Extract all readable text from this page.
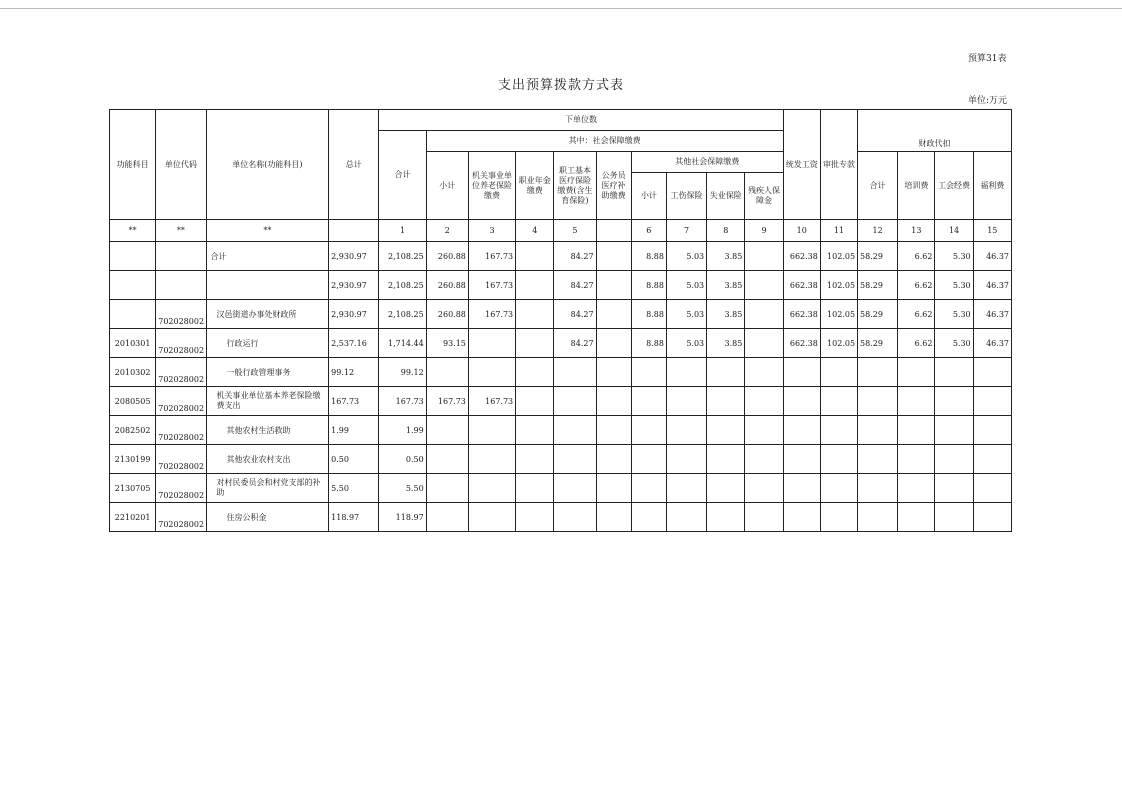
预算31表
支出预算拨款方式表
单位:万元
功能科目	单位代码	单位名称(功能科目)	总计	下单位数										统发工资	审批专款	财政代扣			
				合计	其中：社会保障缴费														
					小计	机关事业单位养老保险缴费	职业年金缴费	职工基本医疗保险缴费(含生育保险)	公务员医疗补助缴费	其他社会保障缴费						合计	培训费	工会经费	福利费
										小计	工伤保险	失业保险	残疾人保障金						
**	**	**		1	2	3	4	5		6	7	8	9	10	11	12	13	14	15
		合计	2,930.97	2,108.25	260.88	167.73		84.27		8.88	5.03	3.85		662.38	102.05	58.29	6.62	5.30	46.37
			2,930.97	2,108.25	260.88	167.73		84.27		8.88	5.03	3.85		662.38	102.05	58.29	6.62	5.30	46.37
	702028002	汉邑街道办事处财政所	2,930.97	2,108.25	260.88	167.73		84.27		8.88	5.03	3.85		662.38	102.05	58.29	6.62	5.30	46.37
2010301	702028002	行政运行	2,537.16	1,714.44	93.15			84.27		8.88	5.03	3.85		662.38	102.05	58.29	6.62	5.30	46.37
2010302	702028002	一般行政管理事务	99.12	99.12															
2080505	702028002	机关事业单位基本养老保险缴费支出	167.73	167.73	167.73	167.73													
2082502	702028002	其他农村生活救助	1.99	1.99															
2130199	702028002	其他农业农村支出	0.50	0.50															
2130705	702028002	对村民委员会和村党支部的补助	5.50	5.50															
2210201	702028002	住房公积金	118.97	118.97															
